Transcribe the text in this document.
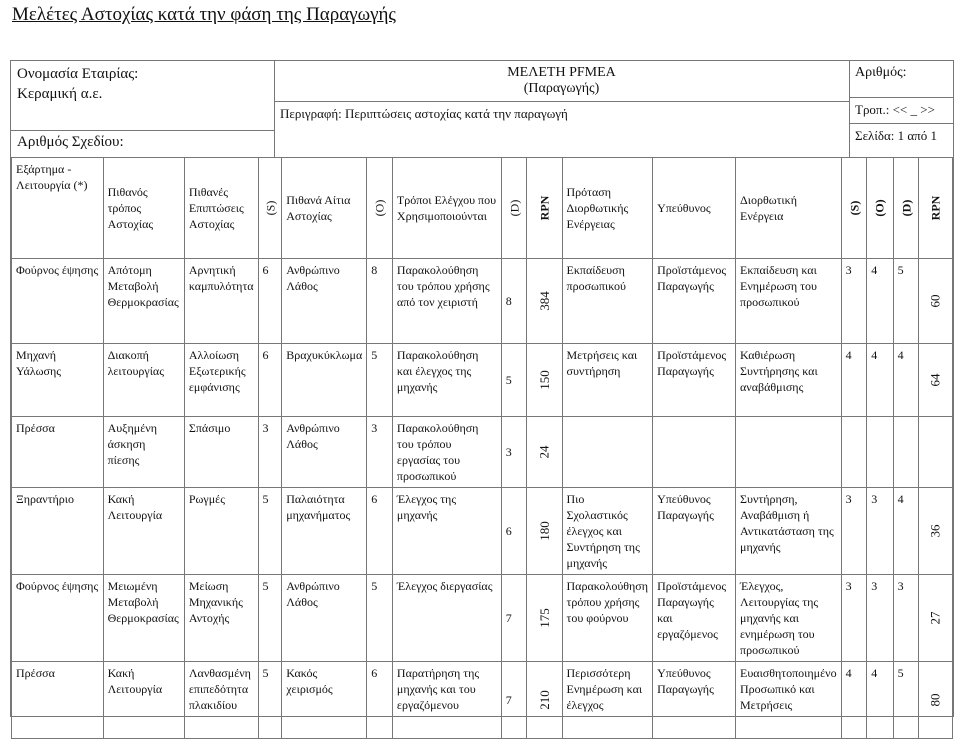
Μελέτες Αστοχίας κατά την φάση της Παραγωγής
Ονομασία Εταιρίας:
Κεραμική α.ε.
Αριθμός Σχεδίου:
ΜΕΛΕΤΗ PFMEA
(Παραγωγής)
Περιγραφή: Περιπτώσεις αστοχίας κατά την παραγωγή
Αριθμός:
Τροπ.: << _ >>
Σελίδα: 1 από 1
Εξάρτημα - Λειτουργία (*)	Πιθανός τρόπος Αστοχίας	Πιθανές Επιπτώσεις Αστοχίας	(S)	Πιθανά Αίτια Αστοχίας	(O)	Τρόποι Ελέγχου που Χρησιμοποιούνται	(D)	RPN	Πρόταση Διορθωτικής Ενέργειας	Υπεύθυνος	Διορθωτική Ενέργεια	(S)	(O)	(D)	RPN
Φούρνος έψησης	Απότομη Μεταβολή Θερμοκρασίας	Αρνητική καμπυλότητα	6	Ανθρώπινο Λάθος	8	Παρακολούθηση του τρόπου χρήσης από τον χειριστή	8	384	Εκπαίδευση προσωπικού	Προϊστάμενος Παραγωγής	Εκπαίδευση και Ενημέρωση του προσωπικού	3	4	5	60
Μηχανή Υάλωσης	Διακοπή λειτουργίας	Αλλοίωση Εξωτερικής εμφάνισης	6	Βραχυκύκλωμα	5	Παρακολούθηση και έλεγχος της μηχανής	5	150	Μετρήσεις και συντήρηση	Προϊστάμενος Παραγωγής	Καθιέρωση Συντήρησης και αναβάθμισης	4	4	4	64
Πρέσσα	Αυξημένη άσκηση πίεσης	Σπάσιμο	3	Ανθρώπινο Λάθος	3	Παρακολούθηση του τρόπου εργασίας του προσωπικού	3	24							
Ξηραντήριο	Κακή Λειτουργία	Ρωγμές	5	Παλαιότητα μηχανήματος	6	Έλεγχος της μηχανής	6	180	Πιο Σχολαστικός έλεγχος και Συντήρηση της μηχανής	Υπεύθυνος Παραγωγής	Συντήρηση, Αναβάθμιση ή Αντικατάσταση της μηχανής	3	3	4	36
Φούρνος έψησης	Μειωμένη Μεταβολή Θερμοκρασίας	Μείωση Μηχανικής Αντοχής	5	Ανθρώπινο Λάθος	5	Έλεγχος διεργασίας	7	175	Παρακολούθηση τρόπου χρήσης του φούρνου	Προϊστάμενος Παραγωγής και εργαζόμενος	Έλεγχος, Λειτουργίας της μηχανής και ενημέρωση του προσωπικού	3	3	3	27
Πρέσσα	Κακή Λειτουργία	Λανθασμένη επιπεδότητα πλακιδίου	5	Κακός χειρισμός	6	Παρατήρηση της μηχανής και του εργαζόμενου	7	210	Περισσότερη Ενημέρωση και έλεγχος	Υπεύθυνος Παραγωγής	Ευαισθητοποιημένο Προσωπικό και Μετρήσεις	4	4	5	80
